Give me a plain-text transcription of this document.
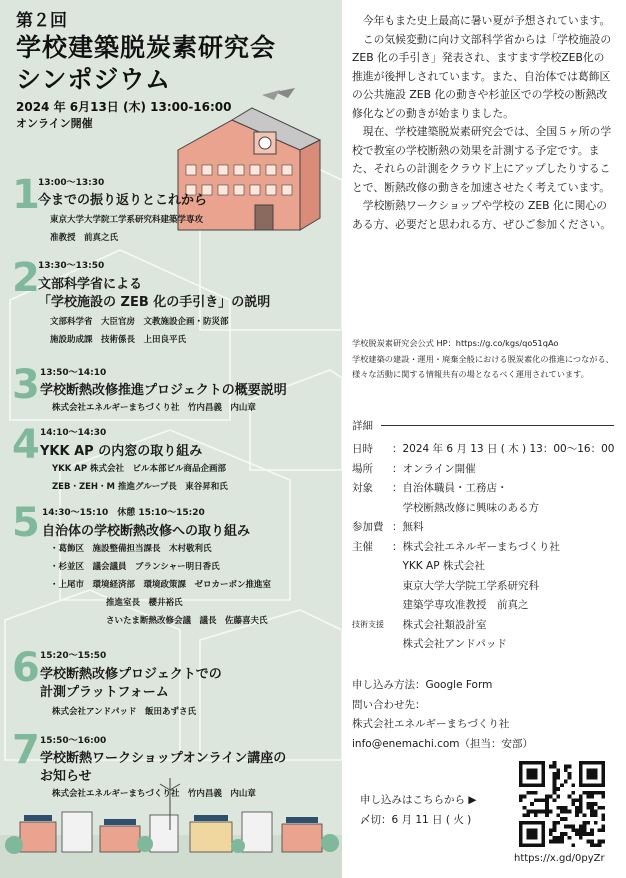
第２回
学校建築脱炭素研究会
シンポジウム
2024 年 6月13日 (木) 13:00-16:00
オンライン開催
1
13:00〜13:30
今までの振り返りとこれから
東京大学大学院工学系研究科建築学専攻
准教授　前真之氏
2
13:30〜13:50
文部科学省による
「学校施設の ZEB 化の手引き」の説明
文部科学省　大臣官房　文教施設企画・防災部
施設助成課　技術係長　上田良平氏
3 13:50〜14:10
学校断熱改修推進プロジェクトの概要説明
株式会社エネルギーまちづくり社　竹内昌義　内山章
4 14:10〜14:30
YKK AP の内窓の取り組み
YKK AP 株式会社　ビル本部ビル商品企画部
ZEB・ZEH・M 推進グループ長　東谷昇和氏
5 14:30〜15:10　休憩 15:10〜15:20
自治体の学校断熱改修への取り組み
・葛飾区　施設整備担当課長　木村敬利氏
・杉並区　議会議員　ブランシャー明日香氏
・上尾市　環境経済部　環境政策課　ゼロカーボン推進室
推進室長　櫻井裕氏
さいたま断熱改修会議　議長　佐藤喜夫氏
6 15:20〜15:50
学校断熱改修プロジェクトでの
計測プラットフォーム
株式会社アンドパッド　飯田あずさ氏
7 15:50〜16:00
学校断熱ワークショップオンライン講座の
お知らせ
株式会社エネルギーまちづくり社　竹内昌義　内山章

今年もまた史上最高に暑い夏が予想されています。

この気候変動に向け文部科学省からは「学校施設の ZEB 化の手引き」発表され、ますます学校ZEB化の推進が後押しされています。また、自治体では葛飾区の公共施設 ZEB 化の動きや杉並区での学校の断熱改修化などの動きが始まりました。

現在、学校建築脱炭素研究会では、全国５ヶ所の学校で教室の学校断熱の効果を計測する予定です。また、それらの計測をクラウド上にアップしたりすることで、断熱改修の動きを加速させたく考えています。

学校断熱ワークショップや学校の ZEB 化に関心のある方、必要だと思われる方、ぜひご参加ください。

学校脱炭素研究会公式 HP：https://g.co/kgs/qo51qAo
学校建築の建設・運用・廃棄全般における脱炭素化の推進につながる、様々な活動に関する情報共有の場となるべく運用されています。
詳細
日時 ：2024 年 6 月 13 日 ( 木 ) 13：00〜16：00
場所 ：オンライン開催
対象 ：自治体職員・工務店・
　学校断熱改修に興味のある方
参加費 ：無料
主催 ：株式会社エネルギーまちづくり社
　YKK AP 株式会社
　東京大学大学院工学系研究科
　建築学専攻准教授　前真之
技術支援 　株式会社類設計室
　株式会社アンドパッド
申し込み方法：Google Form
問い合わせ先：
株式会社エネルギーまちづくり社
info@enemachi.com（担当：安部）
申し込みはこちらから ▶
〆切：6 月 11 日 ( 火 )
https://x.gd/0pyZr
